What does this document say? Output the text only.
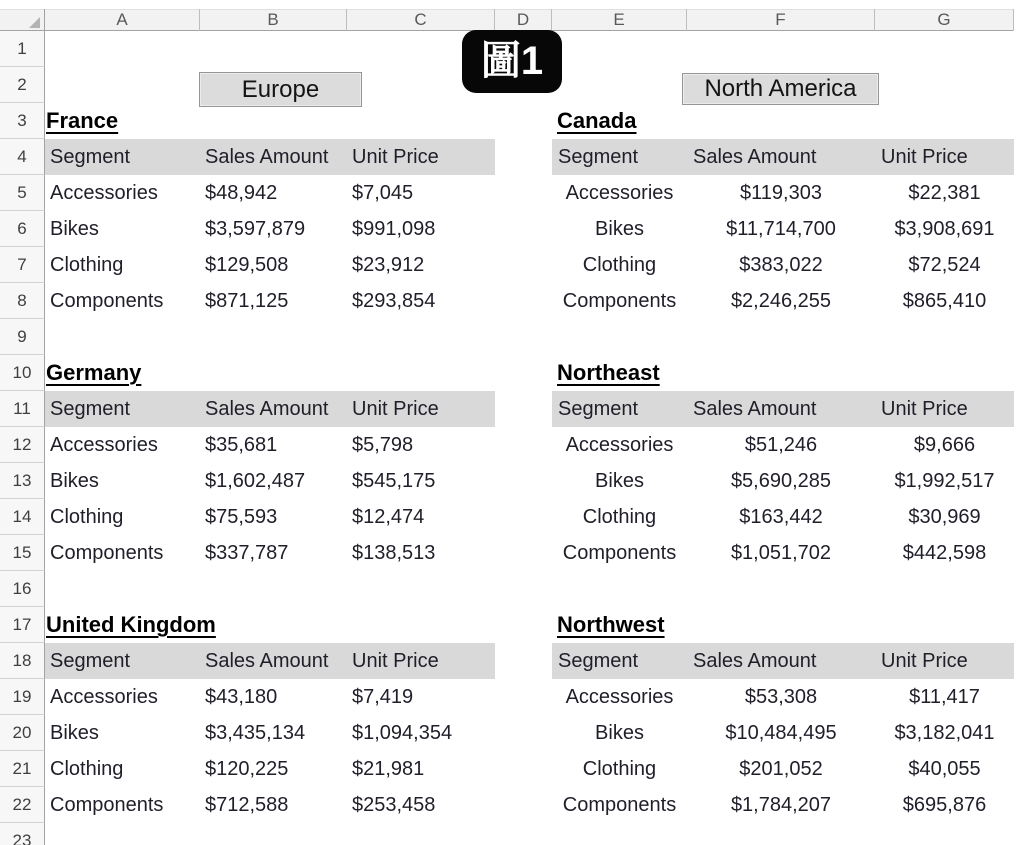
A	B	C	D	E	F	G
1
2
3
4
5
6
7
8
9
10
11
12
13
14
15
16
17
18
19
20
21
22
23
Europe	North America
France
Segment	Sales Amount	Unit Price
Accessories	$48,942	$7,045
Bikes	$3,597,879	$991,098
Clothing	$129,508	$23,912
Components	$871,125	$293,854
Germany
Segment	Sales Amount	Unit Price
Accessories	$35,681	$5,798
Bikes	$1,602,487	$545,175
Clothing	$75,593	$12,474
Components	$337,787	$138,513
United Kingdom
Segment	Sales Amount	Unit Price
Accessories	$43,180	$7,419
Bikes	$3,435,134	$1,094,354
Clothing	$120,225	$21,981
Components	$712,588	$253,458
Canada
Segment	Sales Amount	Unit Price
Accessories	$119,303	$22,381
Bikes	$11,714,700	$3,908,691
Clothing	$383,022	$72,524
Components	$2,246,255	$865,410
Northeast
Segment	Sales Amount	Unit Price
Accessories	$51,246	$9,666
Bikes	$5,690,285	$1,992,517
Clothing	$163,442	$30,969
Components	$1,051,702	$442,598
Northwest
Segment	Sales Amount	Unit Price
Accessories	$53,308	$11,417
Bikes	$10,484,495	$3,182,041
Clothing	$201,052	$40,055
Components	$1,784,207	$695,876
圖1
